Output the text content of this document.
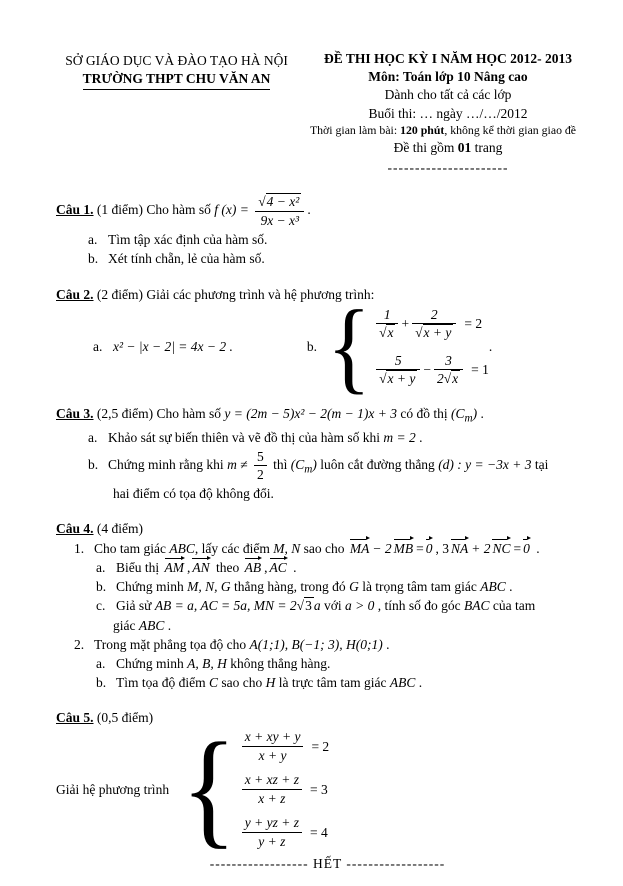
SỞ GIÁO DỤC VÀ ĐÀO TẠO HÀ NỘI
TRƯỜNG THPT CHU VĂN AN
ĐỀ THI HỌC KỲ I NĂM HỌC 2012- 2013
Môn: Toán lớp 10 Nâng cao
Dành cho tất cả các lớp
Buổi thi: … ngày …/…/2012
Thời gian làm bài: 120 phút, không kể thời gian giao đề
Đề thi gồm 01 trang
----------------------
Câu 1. (1 điểm) Cho hàm số f $(x) = \frac{\text{√4 − x²}}{\text{9x − x³}}$ .
a. Tìm tập xác định của hàm số.
b. Xét tính chẵn, lẻ của hàm số.
Câu 2. (2 điểm) Giải các phương trình và hệ phương trình:
a. x² − |x − 2| = 4x − 2 .	b. { $\frac{1}{√x} + \frac{2}{√x + y} = 2$
$\frac{5}{√x + y} - \frac{3}{2√x} = 1$
.
Câu 3. (2,5 điểm) Cho hàm số y = (2m − 5)x² − 2(m − 1)x + 3 có đồ thị $(C_m)$ .
a. Khảo sát sự biến thiên và vẽ đồ thị của hàm số khi m = 2 .
b. Chứng minh rằng khi $m \ne \frac{5}{2}$ thì $(C_m)$ luôn cắt đường thẳng (d) : y = −3x + 3 tại
hai điểm có tọa độ không đổi.
Câu 4. (4 điểm)
1. Cho tam giác ABC, lấy các điểm M, N sao cho MA − 2 MB = 0 , 3 NA + 2 NC = 0 .
a. Biểu thị AM , AN theo AB , AC .
b. Chứng minh M, N, G thẳng hàng, trong đó G là trọng tâm tam giác ABC .
c. Giả sử AB = a, AC = 5a, MN = 2√3 a với a > 0 , tính số đo góc BAC của tam
giác ABC .
2. Trong mặt phẳng tọa độ cho A(1;1), B(−1; 3), H(0;1) .
a. Chứng minh A, B, H không thẳng hàng.
b. Tìm tọa độ điểm C sao cho H là trực tâm tam giác ABC .
Câu 5. (0,5 điểm)
Giải hệ phương trình { $\frac{x + xy + y}{x + y} = 2$
$\frac{x + xz + z}{x + z} = 3$
$\frac{y + yz + z}{y + z} = 4$
------------------ HẾT ------------------
